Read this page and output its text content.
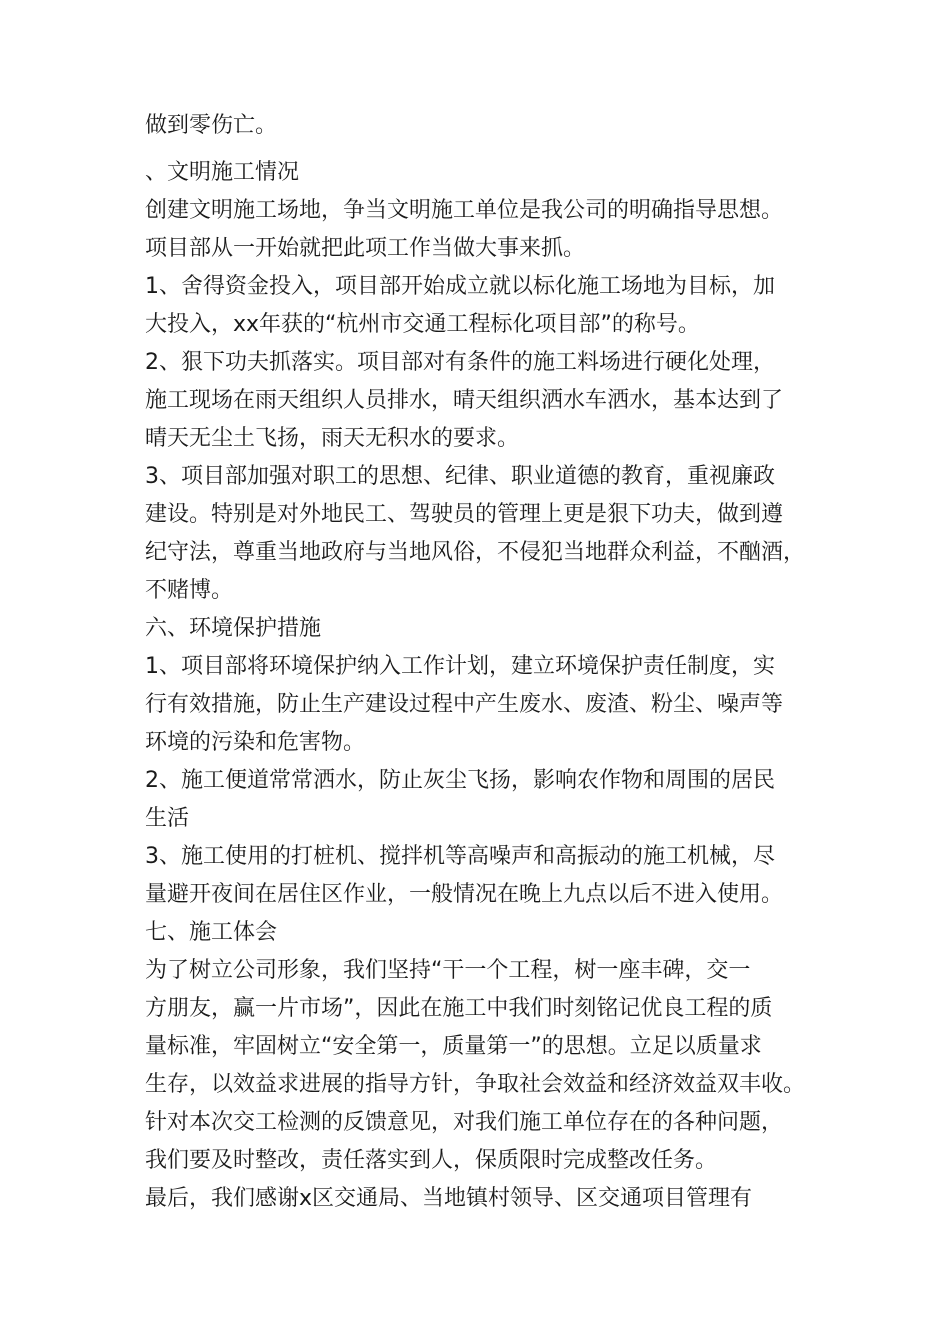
做到零伤亡。
、文明施工情况
创建文明施工场地，争当文明施工单位是我公司的明确指导思想。
项目部从一开始就把此项工作当做大事来抓。
1、舍得资金投入，项目部开始成立就以标化施工场地为目标，加
大投入，xx年获的“杭州市交通工程标化项目部”的称号。
2、狠下功夫抓落实。项目部对有条件的施工料场进行硬化处理，
施工现场在雨天组织人员排水，晴天组织洒水车洒水，基本达到了
晴天无尘土飞扬，雨天无积水的要求。
3、项目部加强对职工的思想、纪律、职业道德的教育，重视廉政
建设。特别是对外地民工、驾驶员的管理上更是狠下功夫，做到遵
纪守法，尊重当地政府与当地风俗，不侵犯当地群众利益，不酗酒，
不赌博。
六、环境保护措施
1、项目部将环境保护纳入工作计划，建立环境保护责任制度，实
行有效措施，防止生产建设过程中产生废水、废渣、粉尘、噪声等
环境的污染和危害物。
2、施工便道常常洒水，防止灰尘飞扬，影响农作物和周围的居民
生活
3、施工使用的打桩机、搅拌机等高噪声和高振动的施工机械，尽
量避开夜间在居住区作业，一般情况在晚上九点以后不进入使用。
七、施工体会
为了树立公司形象，我们坚持“干一个工程，树一座丰碑，交一
方朋友，赢一片市场”，因此在施工中我们时刻铭记优良工程的质
量标准，牢固树立“安全第一，质量第一”的思想。立足以质量求
生存，以效益求进展的指导方针，争取社会效益和经济效益双丰收。
针对本次交工检测的反馈意见，对我们施工单位存在的各种问题，
我们要及时整改，责任落实到人，保质限时完成整改任务。
最后，我们感谢x区交通局、当地镇村领导、区交通项目管理有
